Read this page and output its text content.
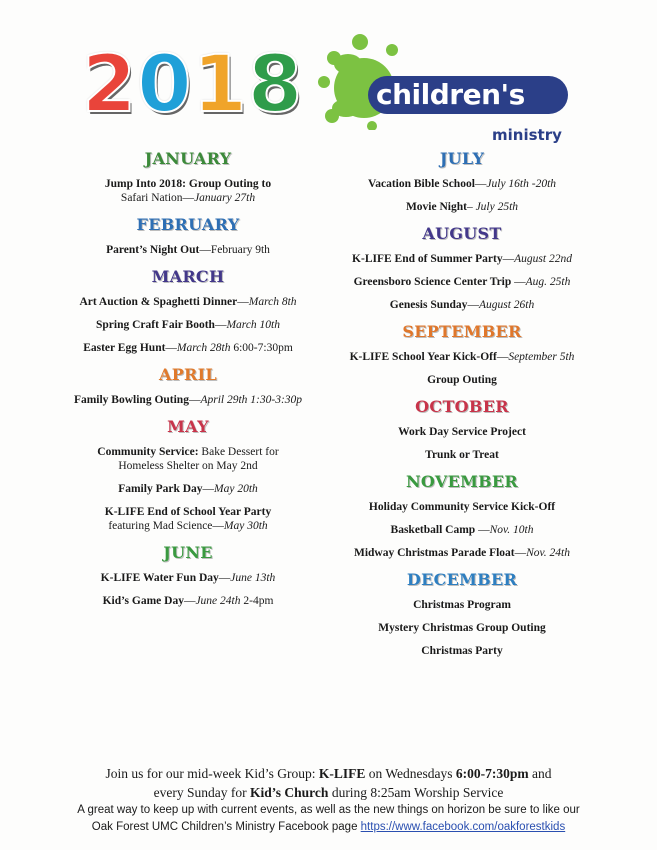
2018	children's
ministry

JANUARY

Jump Into 2018: Group Outing to
Safari Nation—January 27th

FEBRUARY

Parent’s Night Out—February 9th

MARCH

Art Auction & Spaghetti Dinner—March 8th

Spring Craft Fair Booth—March 10th

Easter Egg Hunt—March 28th 6:00-7:30pm

APRIL

Family Bowling Outing—April 29th 1:30-3:30p

MAY

Community Service: Bake Dessert for
Homeless Shelter on May 2nd

Family Park Day—May 20th

K-LIFE End of School Year Party
featuring Mad Science—May 30th

JUNE

K-LIFE Water Fun Day—June 13th

Kid’s Game Day—June 24th 2-4pm

JULY

Vacation Bible School—July 16th -20th

Movie Night– July 25th

AUGUST

K-LIFE End of Summer Party—August 22nd

Greensboro Science Center Trip —Aug. 25th

Genesis Sunday—August 26th

SEPTEMBER

K-LIFE School Year Kick-Off—September 5th

Group Outing

OCTOBER

Work Day Service Project

Trunk or Treat

NOVEMBER

Holiday Community Service Kick-Off

Basketball Camp —Nov. 10th

Midway Christmas Parade Float—Nov. 24th

DECEMBER

Christmas Program

Mystery Christmas Group Outing

Christmas Party

Join us for our mid-week Kid’s Group: K-LIFE on Wednesdays 6:00-7:30pm and

every Sunday for Kid’s Church during 8:25am Worship Service

A great way to keep up with current events, as well as the new things on horizon be sure to like our

Oak Forest UMC Children’s Ministry Facebook page https://www.facebook.com/oakforestkids
